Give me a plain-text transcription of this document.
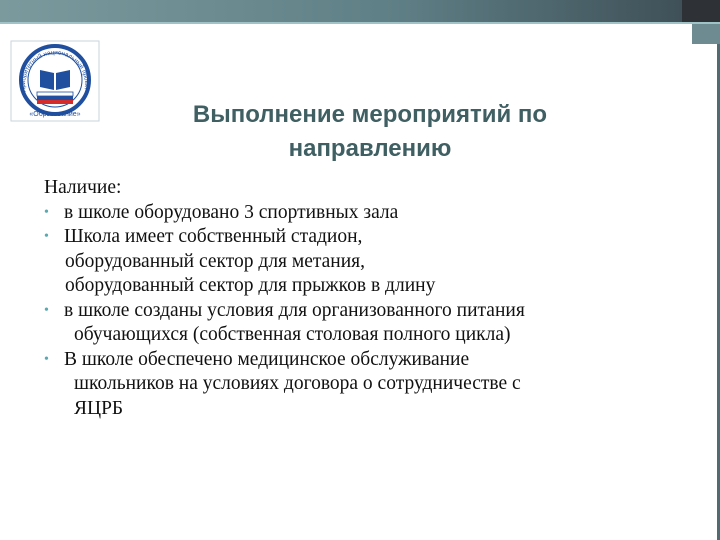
Приоритетный национальный проект
«Образование»	Выполнение мероприятий по
направлению
Наличие:
• в школе оборудовано 3 спортивных зала
• Школа имеет собственный стадион,
оборудованный сектор для метания,
оборудованный сектор для прыжков в длину
• в школе созданы условия для организованного питания
обучающихся (собственная столовая полного цикла)
• В школе обеспечено медицинское обслуживание
школьников на условиях договора о сотрудничестве с
ЯЦРБ
